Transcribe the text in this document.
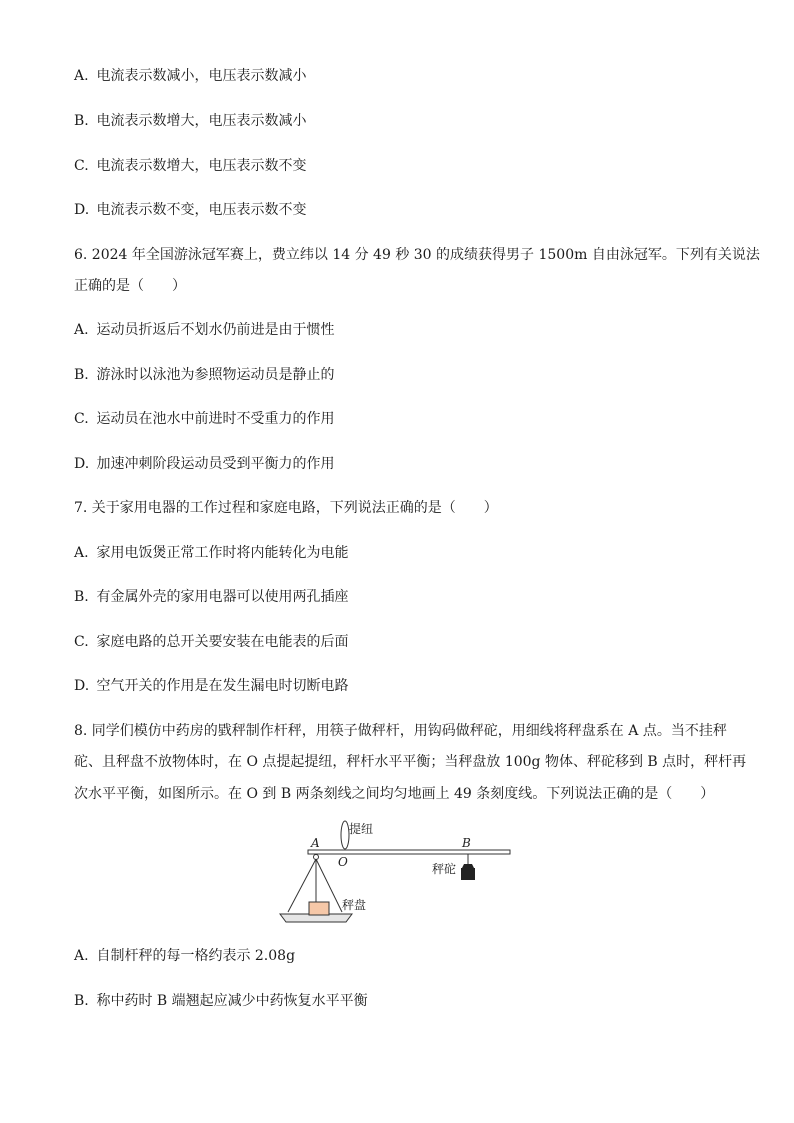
A. 电流表示数减小，电压表示数减小
B. 电流表示数增大，电压表示数减小
C. 电流表示数增大，电压表示数不变
D. 电流表示数不变，电压表示数不变
6. 2024 年全国游泳冠军赛上，费立纬以 14 分 49 秒 30 的成绩获得男子 1500m 自由泳冠军。下列有关说法
正确的是（　　）
A. 运动员折返后不划水仍前进是由于惯性
B. 游泳时以泳池为参照物运动员是静止的
C. 运动员在池水中前进时不受重力的作用
D. 加速冲刺阶段运动员受到平衡力的作用
7. 关于家用电器的工作过程和家庭电路，下列说法正确的是（　　）
A. 家用电饭煲正常工作时将内能转化为电能
B. 有金属外壳的家用电器可以使用两孔插座
C. 家庭电路的总开关要安装在电能表的后面
D. 空气开关的作用是在发生漏电时切断电路
8. 同学们模仿中药房的戥秤制作杆秤，用筷子做秤杆，用钩码做秤砣，用细线将秤盘系在 A 点。当不挂秤
砣、且秤盘不放物体时，在 O 点提起提纽，秤杆水平平衡；当秤盘放 100g 物体、秤砣移到 B 点时，秤杆再
次水平平衡，如图所示。在 O 到 B 两条刻线之间均匀地画上 49 条刻度线。下列说法正确的是（　　）
提纽
A
O
B
秤砣
秤盘
A. 自制杆秤的每一格约表示 2.08g
B. 称中药时 B 端翘起应减少中药恢复水平平衡
